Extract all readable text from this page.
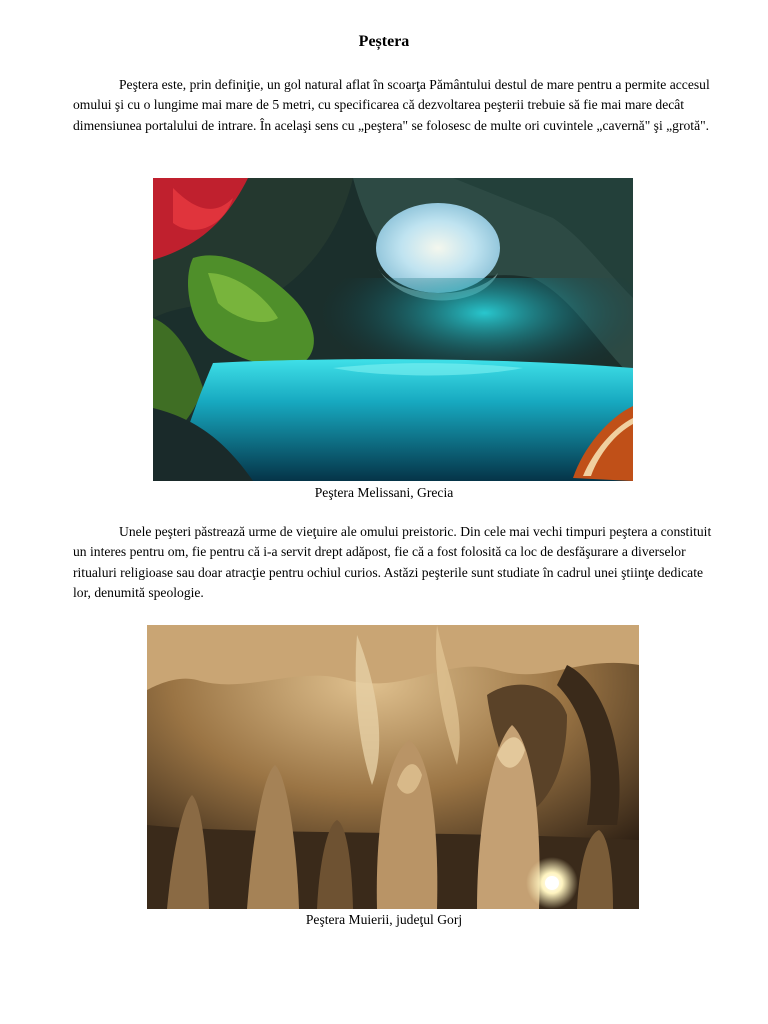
Peștera

Peştera este, prin definiţie, un gol natural aflat în scoarţa Pământului destul de mare pentru a permite accesul omului şi cu o lungime mai mare de 5 metri, cu specificarea că dezvoltarea peşterii trebuie să fie mai mare decât dimensiunea portalului de intrare. În acelaşi sens cu „peştera" se folosesc de multe ori cuvintele „cavernă" şi „grotă".

Peştera Melissani, Grecia

Unele peşteri păstrează urme de vieţuire ale omului preistoric. Din cele mai vechi timpuri peştera a constituit un interes pentru om, fie pentru că i-a servit drept adăpost, fie că a fost folosită ca loc de desfăşurare a diverselor ritualuri religioase sau doar atracţie pentru ochiul curios. Astăzi peşterile sunt studiate în cadrul unei ştiinţe dedicate lor, denumită speologie.

Peştera Muierii, judeţul Gorj
